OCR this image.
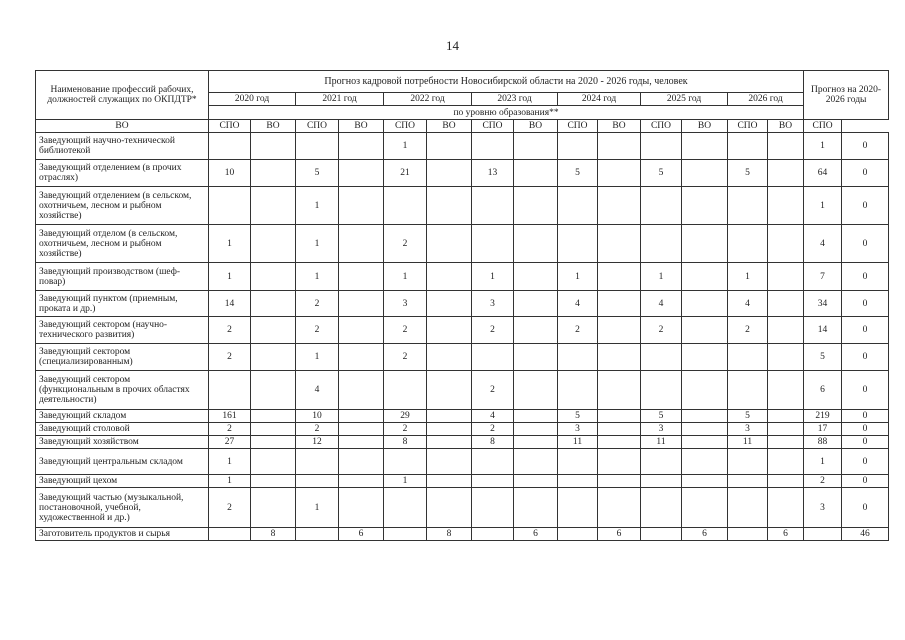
14
Наименование профессий рабочих, должностей служащих по ОКПДТР*	Прогноз кадровой потребности Новосибирской области на 2020 - 2026 годы, человек														Прогноз на 2020-2026 годы	
	2020 год		2021 год		2022 год		2023 год		2024 год		2025 год		2026 год			
	по уровню образования**															
ВО	СПО	ВО	СПО	ВО	СПО	ВО	СПО	ВО	СПО	ВО	СПО	ВО	СПО	ВО	СПО	
Заведующий научно-технической библиотекой					1										1	0
Заведующий отделением (в прочих отраслях)	10		5		21		13		5		5		5		64	0
Заведующий отделением (в сельском, охотничьем, лесном и рыбном хозяйстве)			1												1	0
Заведующий отделом (в сельском, охотничьем, лесном и рыбном хозяйстве)	1		1		2										4	0
Заведующий производством (шеф-повар)	1		1		1		1		1		1		1		7	0
Заведующий пунктом (приемным, проката и др.)	14		2		3		3		4		4		4		34	0
Заведующий сектором (научно-технического развития)	2		2		2		2		2		2		2		14	0
Заведующий сектором (специализированным)	2		1		2										5	0
Заведующий сектором (функциональным в прочих областях деятельности)			4				2								6	0
Заведующий складом	161		10		29		4		5		5		5		219	0
Заведующий столовой	2		2		2		2		3		3		3		17	0
Заведующий хозяйством	27		12		8		8		11		11		11		88	0
Заведующий центральным складом	1														1	0
Заведующий цехом	1				1										2	0
Заведующий частью (музыкальной, постановочной, учебной, художественной и др.)	2		1												3	0
Заготовитель продуктов и сырья		8		6		8		6		6		6		6		46
